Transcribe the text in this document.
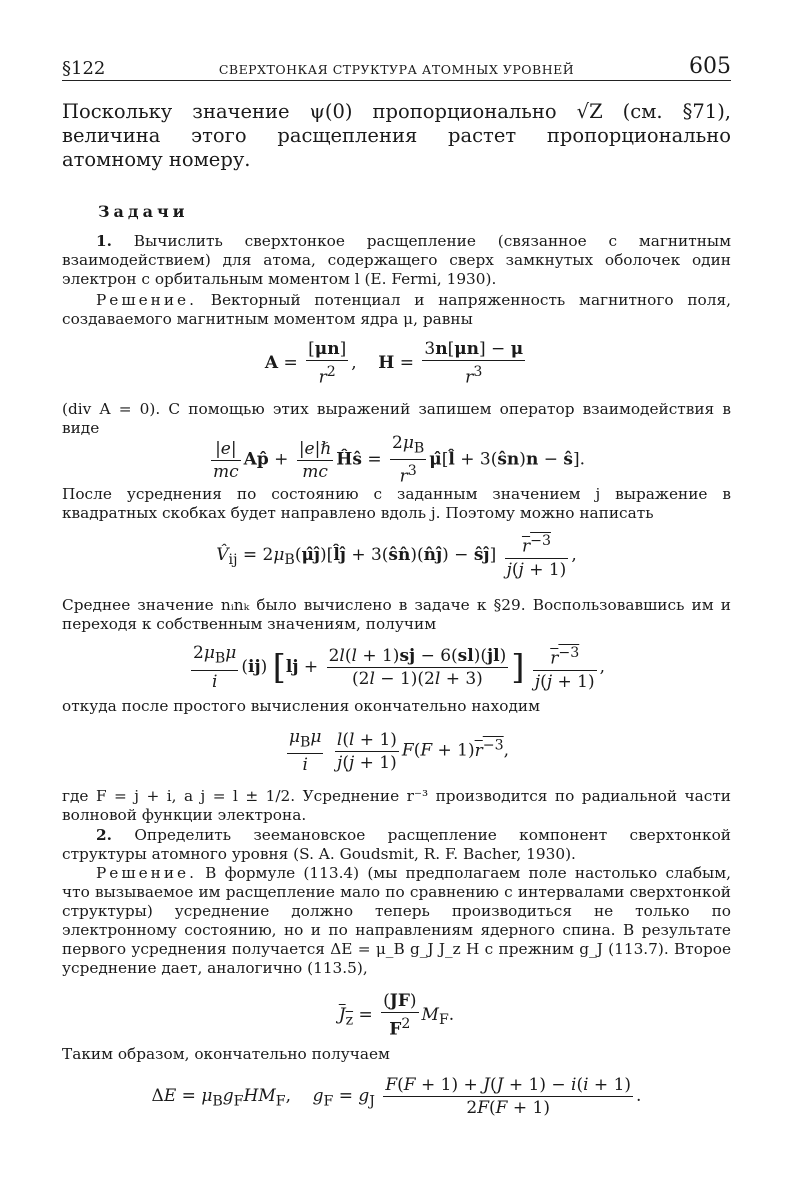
§122	СВЕРХТОНКАЯ СТРУКТУРА АТОМНЫХ УРОВНЕЙ	605
Поскольку значение ψ(0) пропорционально √Z (см. §71), величина этого расщепления растет пропорционально атомному номеру.
Задачи
1. Вычислить сверхтонкое расщепление (связанное с магнитным взаимодействием) для атома, содержащего сверх замкнутых оболочек один электрон с орбитальным моментом l (E. Fermi, 1930).
Решение. Векторный потенциал и напряженность магнитного поля, создаваемого магнитным моментом ядра μ, равны
$A = \frac{[\mu n]}{r^2}$ ,    $H = \frac{3n[\mu n] - \mu}{r^3}$
(div A = 0). С помощью этих выражений запишем оператор взаимодействия в виде
$\frac{|e|}{mc}$ Ap̂ + $\frac{\text{|e|ℏ}}{mc}$ Ĥŝ = $\frac{2\mu_B}{r^3}$ μ̂[l̂ + 3(ŝn)n − ŝ].
После усреднения по состоянию с заданным значением j выражение в квадратных скобках будет направлено вдоль j. Поэтому можно написать
$V̂_{ij}$ = $2\mu_B(\mûĵ)[l̂ĵ$ + 3(ŝn̂)(n̂ĵ) − ŝĵ] $\frac{r^{-3}}{j(j + 1)}$ ,
Среднее значение nᵢnₖ было вычислено в задаче к §29. Воспользовавшись им и переходя к собственным значениям, получим
$\frac{2\mu_B\mu}{i} (ij) [lj + \frac{2l(l + 1)sj - 6(sl)(jl)}{(2l - 1)(2l + 3)}$ ] $\frac{r^{-3}}{j(j + 1)}$ ,
откуда после простого вычисления окончательно находим
$\frac{\mu_B\mu}{i}$
$\frac{l(l + 1)}{j(j + 1)} F(F + 1)r^{-3}$,
где F = j + i, а j = l ± 1/2. Усреднение r⁻³ производится по радиальной части волновой функции электрона.
2. Определить зеемановское расщепление компонент сверхтонкой структуры атомного уровня (S. A. Goudsmit, R. F. Bacher, 1930).
Решение. В формуле (113.4) (мы предполагаем поле настолько слабым, что вызываемое им расщепление мало по сравнению с интервалами сверхтонкой структуры) усреднение должно теперь производиться не только по электронному состоянию, но и по направлениям ядерного спина. В результате первого усреднения получается ΔE = μ_B g_J J_z H с прежним g_J (113.7). Второе усреднение дает, аналогично (113.5),
$J_z = \frac{(JF)}{F^2} M_F$.
Таким образом, окончательно получаем
$\Delta E = \mu_Bg_FHM_F$,    $g_F = g_J \frac{F(F + 1) + J(J + 1) - i(i + 1)}{2F(F + 1)}$ .
